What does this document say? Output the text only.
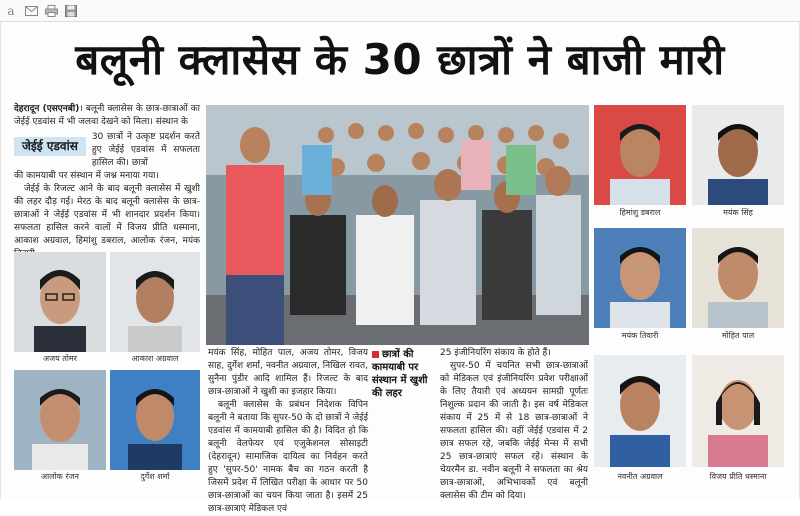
a
बलूनी क्लासेस के 30 छात्रों ने बाजी मारी

देहरादून (एसएनबी)। बलूनी क्लासेस के छात्र-छात्राओं का जेईई एडवांस में भी जलवा देखने को मिला। संस्थान के

जेईई एडवांस
30 छात्रों ने उत्कृष्ट प्रदर्शन करते हुए जेईई एडवांस में सफलता हासिल की। छात्रों

की कामयाबी पर संस्थान में जश्न मनाया गया।

जेईई के रिजल्ट आने के बाद बलूनी क्लासेस में खुशी की लहर दौड़ गई। मेरठ के बाद बलूनी क्लासेस के छात्र-छात्राओं ने जेईई एडवांस में भी शानदार प्रदर्शन किया। सफलता हासिल करने वालों में विजय प्रीति धस्माना, आकाश अग्रवाल, हिमांशु डबराल, आलोक रंजन, मयंक

अजय तोमर	आकाश अग्रवाल
आलोक रंजन	दुर्गेश शर्मा

मयंक सिंह, मोहित पाल, अजय तोमर, विजय साह, दुर्गेश शर्मा, नवनीत अग्रवाल, निखिल रावत, सुनैना पुंडीर आदि शामिल हैं। रिजल्ट के बाद छात्र-छात्राओं ने खुशी का इजहार किया।

बलूनी क्लासेस के प्रबंधन निदेशक विपिन बलूनी ने बताया कि सुपर-50 के दो छात्रों ने जेईई एडवांस में कामयाबी हासिल की है। विदित हो कि बलूनी वेलफेयर एवं एजुकेशनल सोसाइटी (देहरादून) सामाजिक दायित्व का निर्वहन करते हुए 'सुपर-50' नामक बैच का गठन करती है जिसमें प्रदेश में लिखित परीक्षा के आधार पर 50 छात्र-छात्राओं का चयन किया जाता है। इसमें 25 छात्र-छात्राएं मेडिकल एवं

छात्रों की कामयाबी पर संस्थान में खुशी की लहर

25 इंजीनियरिंग संकाय के होते हैं।

सुपर-50 में चयनित सभी छात्र-छात्राओं को मेडिकल एवं इंजीनियरिंग प्रवेश परीक्षाओं के लिए तैयारी एवं अध्ययन सामग्री पूर्णतः निशुल्क प्रदान की जाती है। इस वर्ष मेडिकल संकाय में 25 में से 18 छात्र-छात्राओं ने सफलता हासिल की। वहीं जेईई एडवांस में 2 छात्र सफल रहे, जबकि जेईई मेन्स में सभी 25 छात्र-छात्राएं सफल रहे। संस्थान के चेयरमैन डा. नवीन बलूनी ने सफलता का श्रेय छात्र-छात्राओं, अभिभावकों एवं बलूनी क्लासेस की टीम को दिया।

हिमांशु डबराल	मयंक सिंह
मयंक तिवारी	मोहित पाल
नवनीत अग्रवाल	विजय प्रीति धस्माना
